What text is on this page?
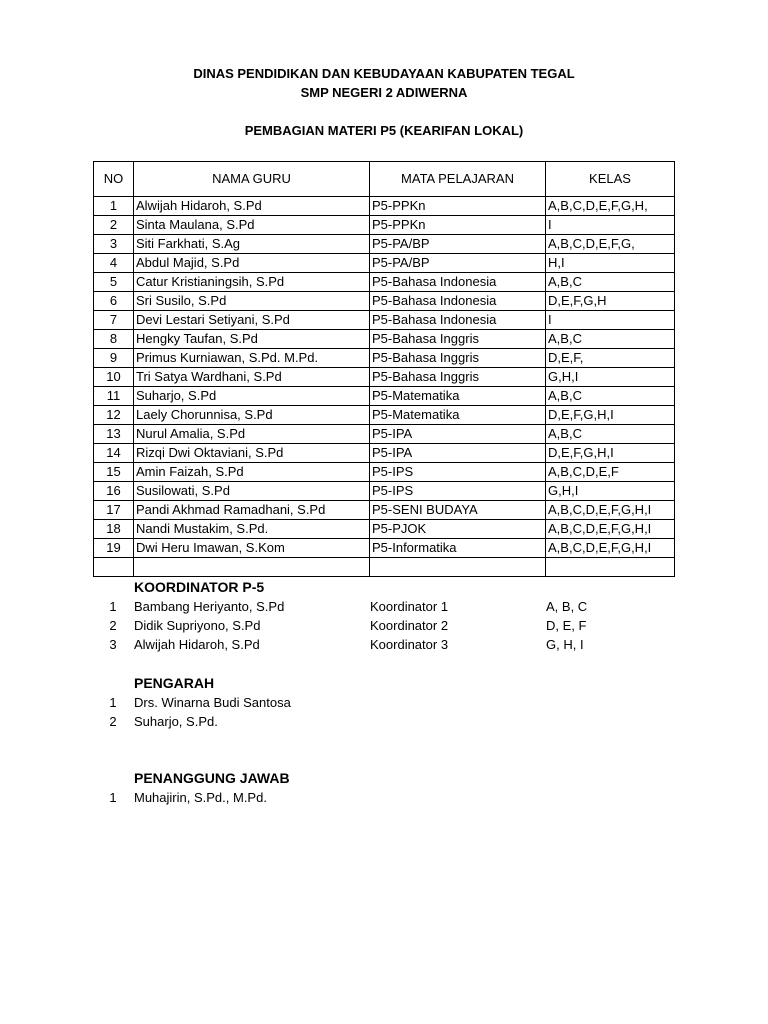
DINAS PENDIDIKAN DAN KEBUDAYAAN KABUPATEN TEGAL
SMP NEGERI 2 ADIWERNA
PEMBAGIAN MATERI P5 (KEARIFAN LOKAL)
NO	NAMA GURU	MATA PELAJARAN	KELAS
1	Alwijah Hidaroh, S.Pd	P5-PPKn	A,B,C,D,E,F,G,H,
2	Sinta Maulana, S.Pd	P5-PPKn	I
3	Siti Farkhati, S.Ag	P5-PA/BP	A,B,C,D,E,F,G,
4	Abdul Majid, S.Pd	P5-PA/BP	H,I
5	Catur Kristianingsih, S.Pd	P5-Bahasa Indonesia	A,B,C
6	Sri Susilo, S.Pd	P5-Bahasa Indonesia	D,E,F,G,H
7	Devi Lestari Setiyani, S.Pd	P5-Bahasa Indonesia	I
8	Hengky Taufan, S.Pd	P5-Bahasa Inggris	A,B,C
9	Primus Kurniawan, S.Pd. M.Pd.	P5-Bahasa Inggris	D,E,F,
10	Tri Satya Wardhani, S.Pd	P5-Bahasa Inggris	G,H,I
11	Suharjo, S.Pd	P5-Matematika	A,B,C
12	Laely Chorunnisa, S.Pd	P5-Matematika	D,E,F,G,H,I
13	Nurul Amalia, S.Pd	P5-IPA	A,B,C
14	Rizqi Dwi Oktaviani, S.Pd	P5-IPA	D,E,F,G,H,I
15	Amin Faizah, S.Pd	P5-IPS	A,B,C,D,E,F
16	Susilowati, S.Pd	P5-IPS	G,H,I
17	Pandi Akhmad Ramadhani, S.Pd	P5-SENI BUDAYA	A,B,C,D,E,F,G,H,I
18	Nandi Mustakim, S.Pd.	P5-PJOK	A,B,C,D,E,F,G,H,I
19	Dwi Heru Imawan, S.Kom	P5-Informatika	A,B,C,D,E,F,G,H,I

KOORDINATOR P-5
1	Bambang Heriyanto, S.Pd	Koordinator 1	A, B, C
2	Didik Supriyono, S.Pd	Koordinator 2	D, E, F
3	Alwijah Hidaroh, S.Pd	Koordinator 3	G, H, I
PENGARAH
1	Drs. Winarna Budi Santosa
2	Suharjo, S.Pd.
PENANGGUNG JAWAB
1	Muhajirin, S.Pd., M.Pd.
